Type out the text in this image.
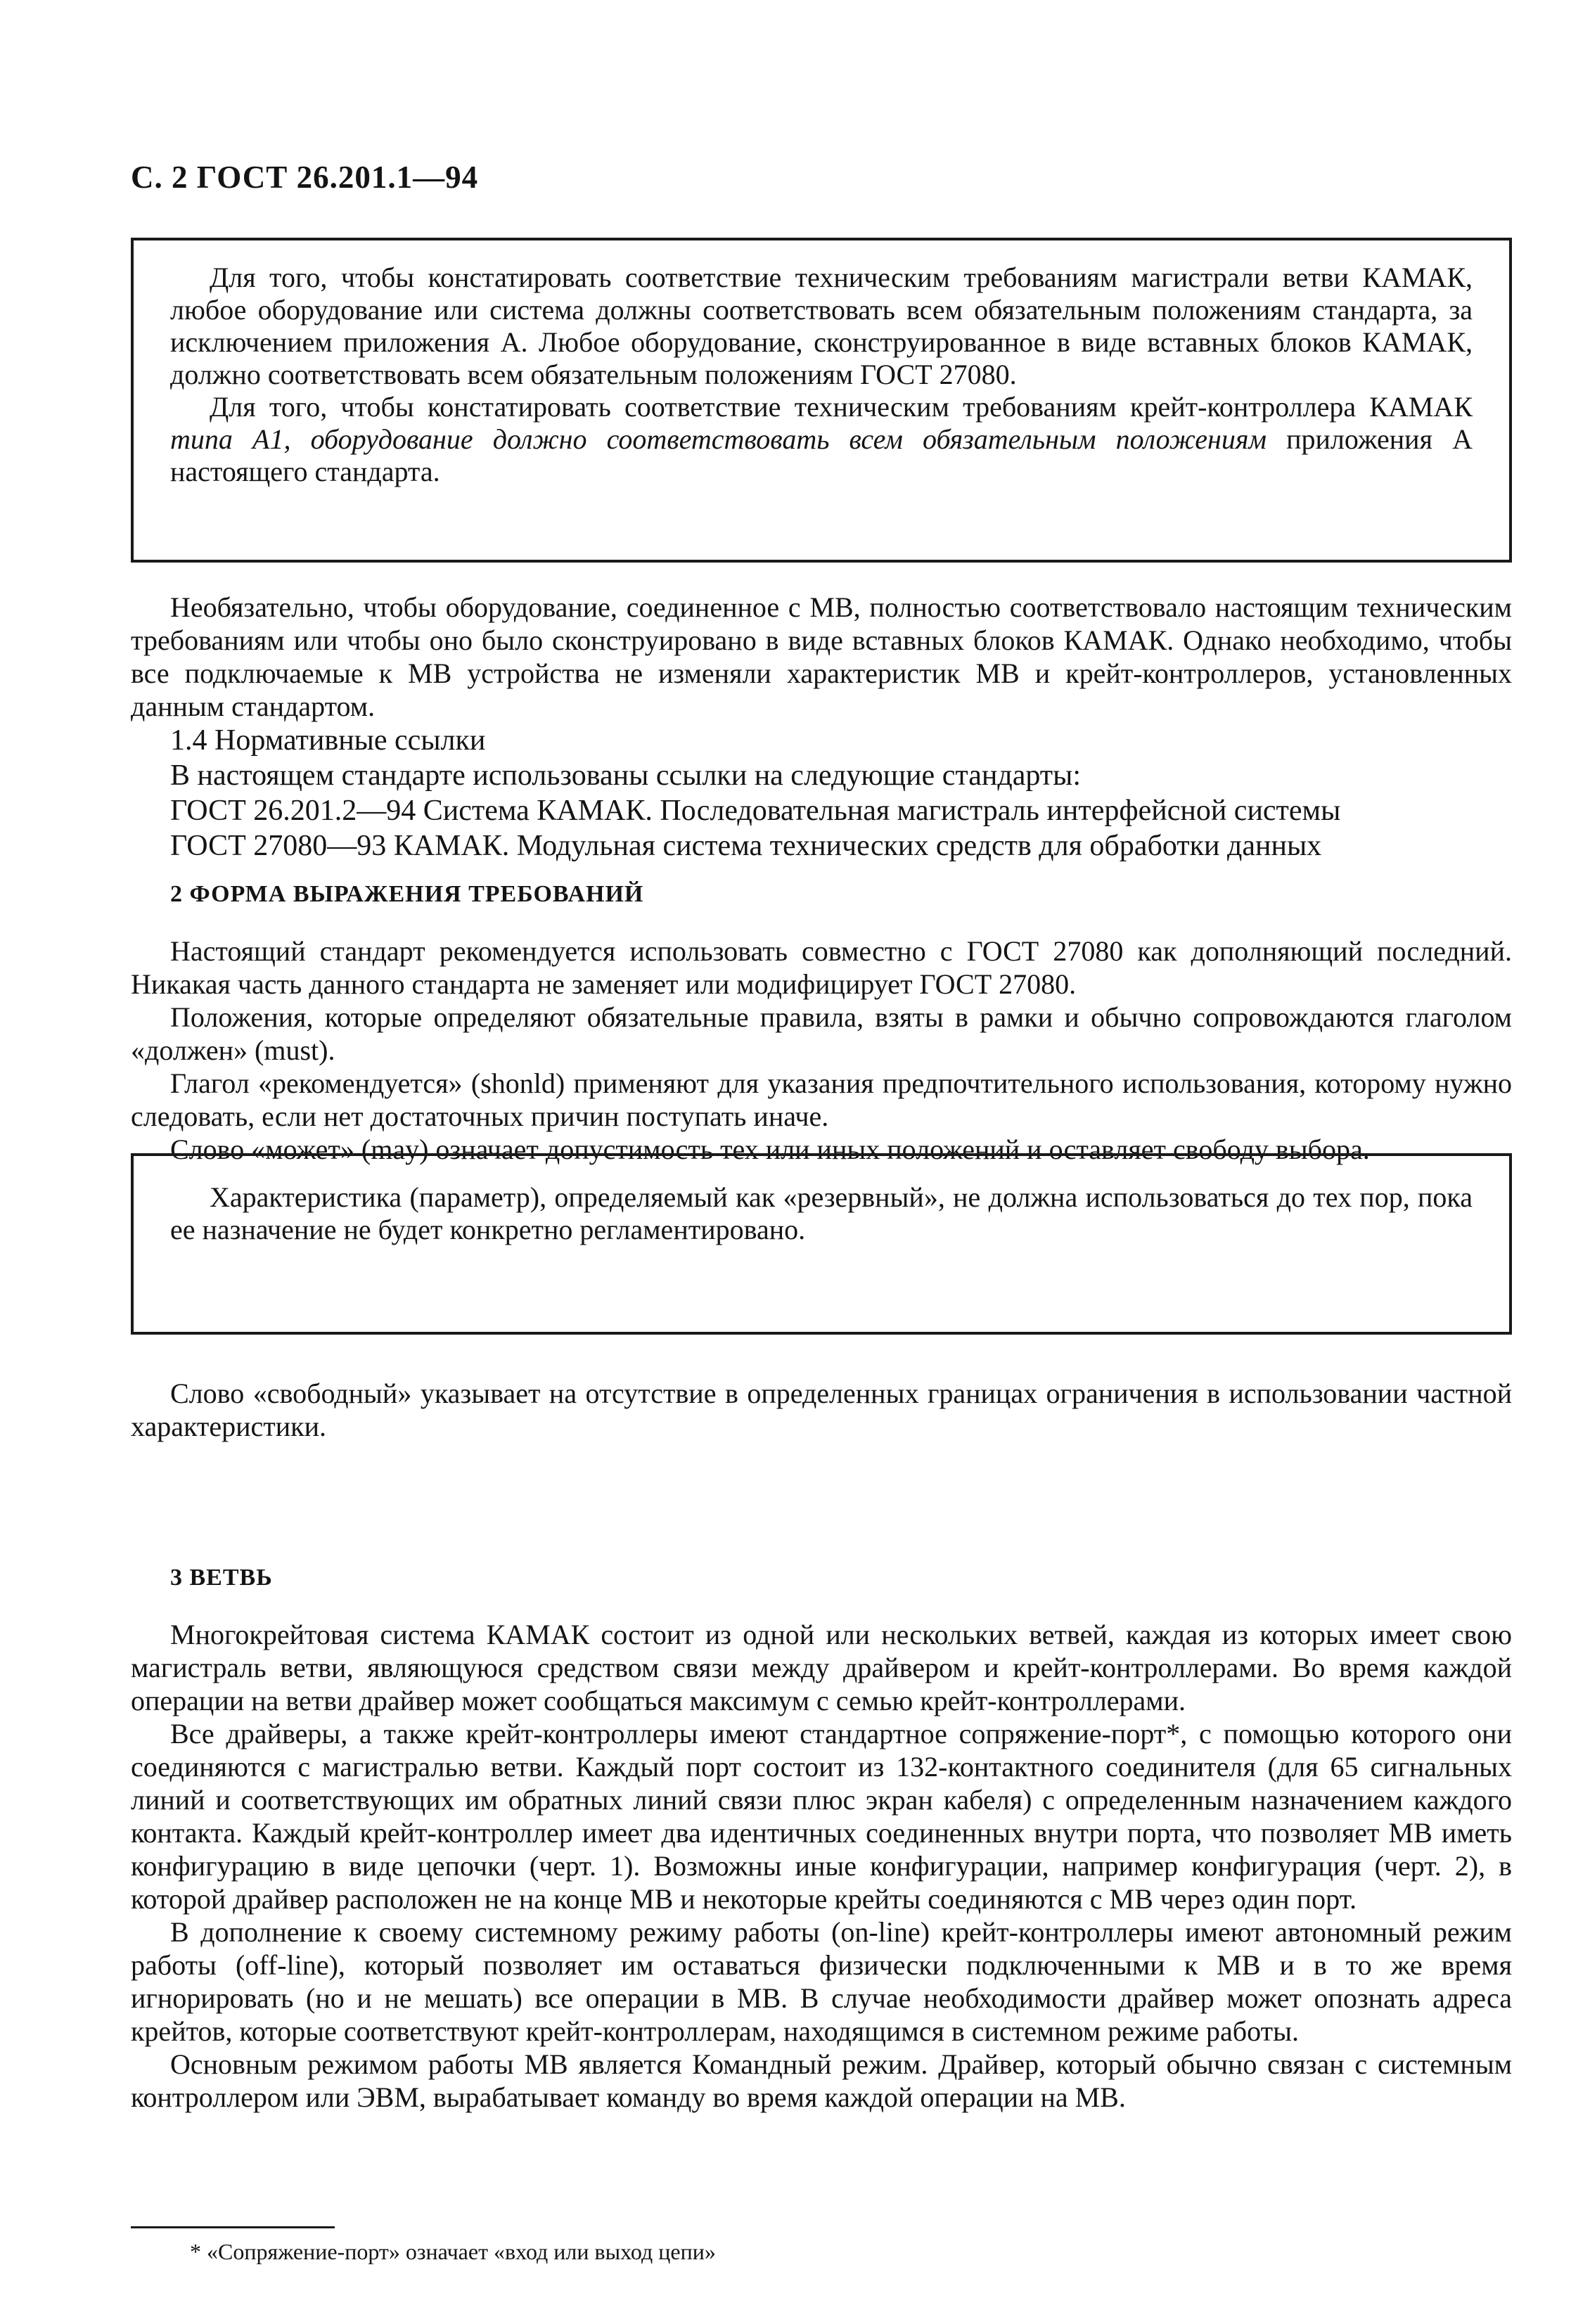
С. 2 ГОСТ 26.201.1—94

Для того, чтобы констатировать соответствие техническим требованиям магистрали ветви КАМАК, любое оборудование или система должны соответствовать всем обязательным положениям стандарта, за исключением приложения А. Любое оборудование, сконструированное в виде вставных блоков КАМАК, должно соответствовать всем обязательным положениям ГОСТ 27080.

Для того, чтобы констатировать соответствие техническим требованиям крейт-контроллера КАМАК типа А1, оборудование должно соответствовать всем обязательным положениям приложения А настоящего стандарта.

Необязательно, чтобы оборудование, соединенное с МВ, полностью соответствовало настоящим техническим требованиям или чтобы оно было сконструировано в виде вставных блоков КАМАК. Однако необходимо, чтобы все подключаемые к МВ устройства не изменяли характеристик МВ и крейт-контроллеров, установленных данным стандартом.

1.4 Нормативные ссылки

В настоящем стандарте использованы ссылки на следующие стандарты:

ГОСТ 26.201.2—94 Система КАМАК. Последовательная магистраль интерфейсной системы

ГОСТ 27080—93 КАМАК. Модульная система технических средств для обработки данных

2 ФОРМА ВЫРАЖЕНИЯ ТРЕБОВАНИЙ

Настоящий стандарт рекомендуется использовать совместно с ГОСТ 27080 как дополняющий последний. Никакая часть данного стандарта не заменяет или модифицирует ГОСТ 27080.

Положения, которые определяют обязательные правила, взяты в рамки и обычно сопровождаются глаголом «должен» (must).

Глагол «рекомендуется» (shonld) применяют для указания предпочтительного использования, которому нужно следовать, если нет достаточных причин поступать иначе.

Слово «может» (may) означает допустимость тех или иных положений и оставляет свободу выбора.

Характеристика (параметр), определяемый как «резервный», не должна использоваться до тех пор, пока ее назначение не будет конкретно регламентировано.

Слово «свободный» указывает на отсутствие в определенных границах ограничения в использовании частной характеристики.

3 ВЕТВЬ

Многокрейтовая система КАМАК состоит из одной или нескольких ветвей, каждая из которых имеет свою магистраль ветви, являющуюся средством связи между драйвером и крейт-контроллерами. Во время каждой операции на ветви драйвер может сообщаться максимум с семью крейт-контроллерами.

Все драйверы, а также крейт-контроллеры имеют стандартное сопряжение-порт*, с помощью которого они соединяются с магистралью ветви. Каждый порт состоит из 132-контактного соединителя (для 65 сигнальных линий и соответствующих им обратных линий связи плюс экран кабеля) с определенным назначением каждого контакта. Каждый крейт-контроллер имеет два идентичных соединенных внутри порта, что позволяет МВ иметь конфигурацию в виде цепочки (черт. 1). Возможны иные конфигурации, например конфигурация (черт. 2), в которой драйвер расположен не на конце МВ и некоторые крейты соединяются с МВ через один порт.

В дополнение к своему системному режиму работы (on-line) крейт-контроллеры имеют автономный режим работы (off-line), который позволяет им оставаться физически подключенными к МВ и в то же время игнорировать (но и не мешать) все операции в МВ. В случае необходимости драйвер может опознать адреса крейтов, которые соответствуют крейт-контроллерам, находящимся в системном режиме работы.

Основным режимом работы МВ является Командный режим. Драйвер, который обычно связан с системным контроллером или ЭВМ, вырабатывает команду во время каждой операции на МВ.

* «Сопряжение-порт» означает «вход или выход цепи»
